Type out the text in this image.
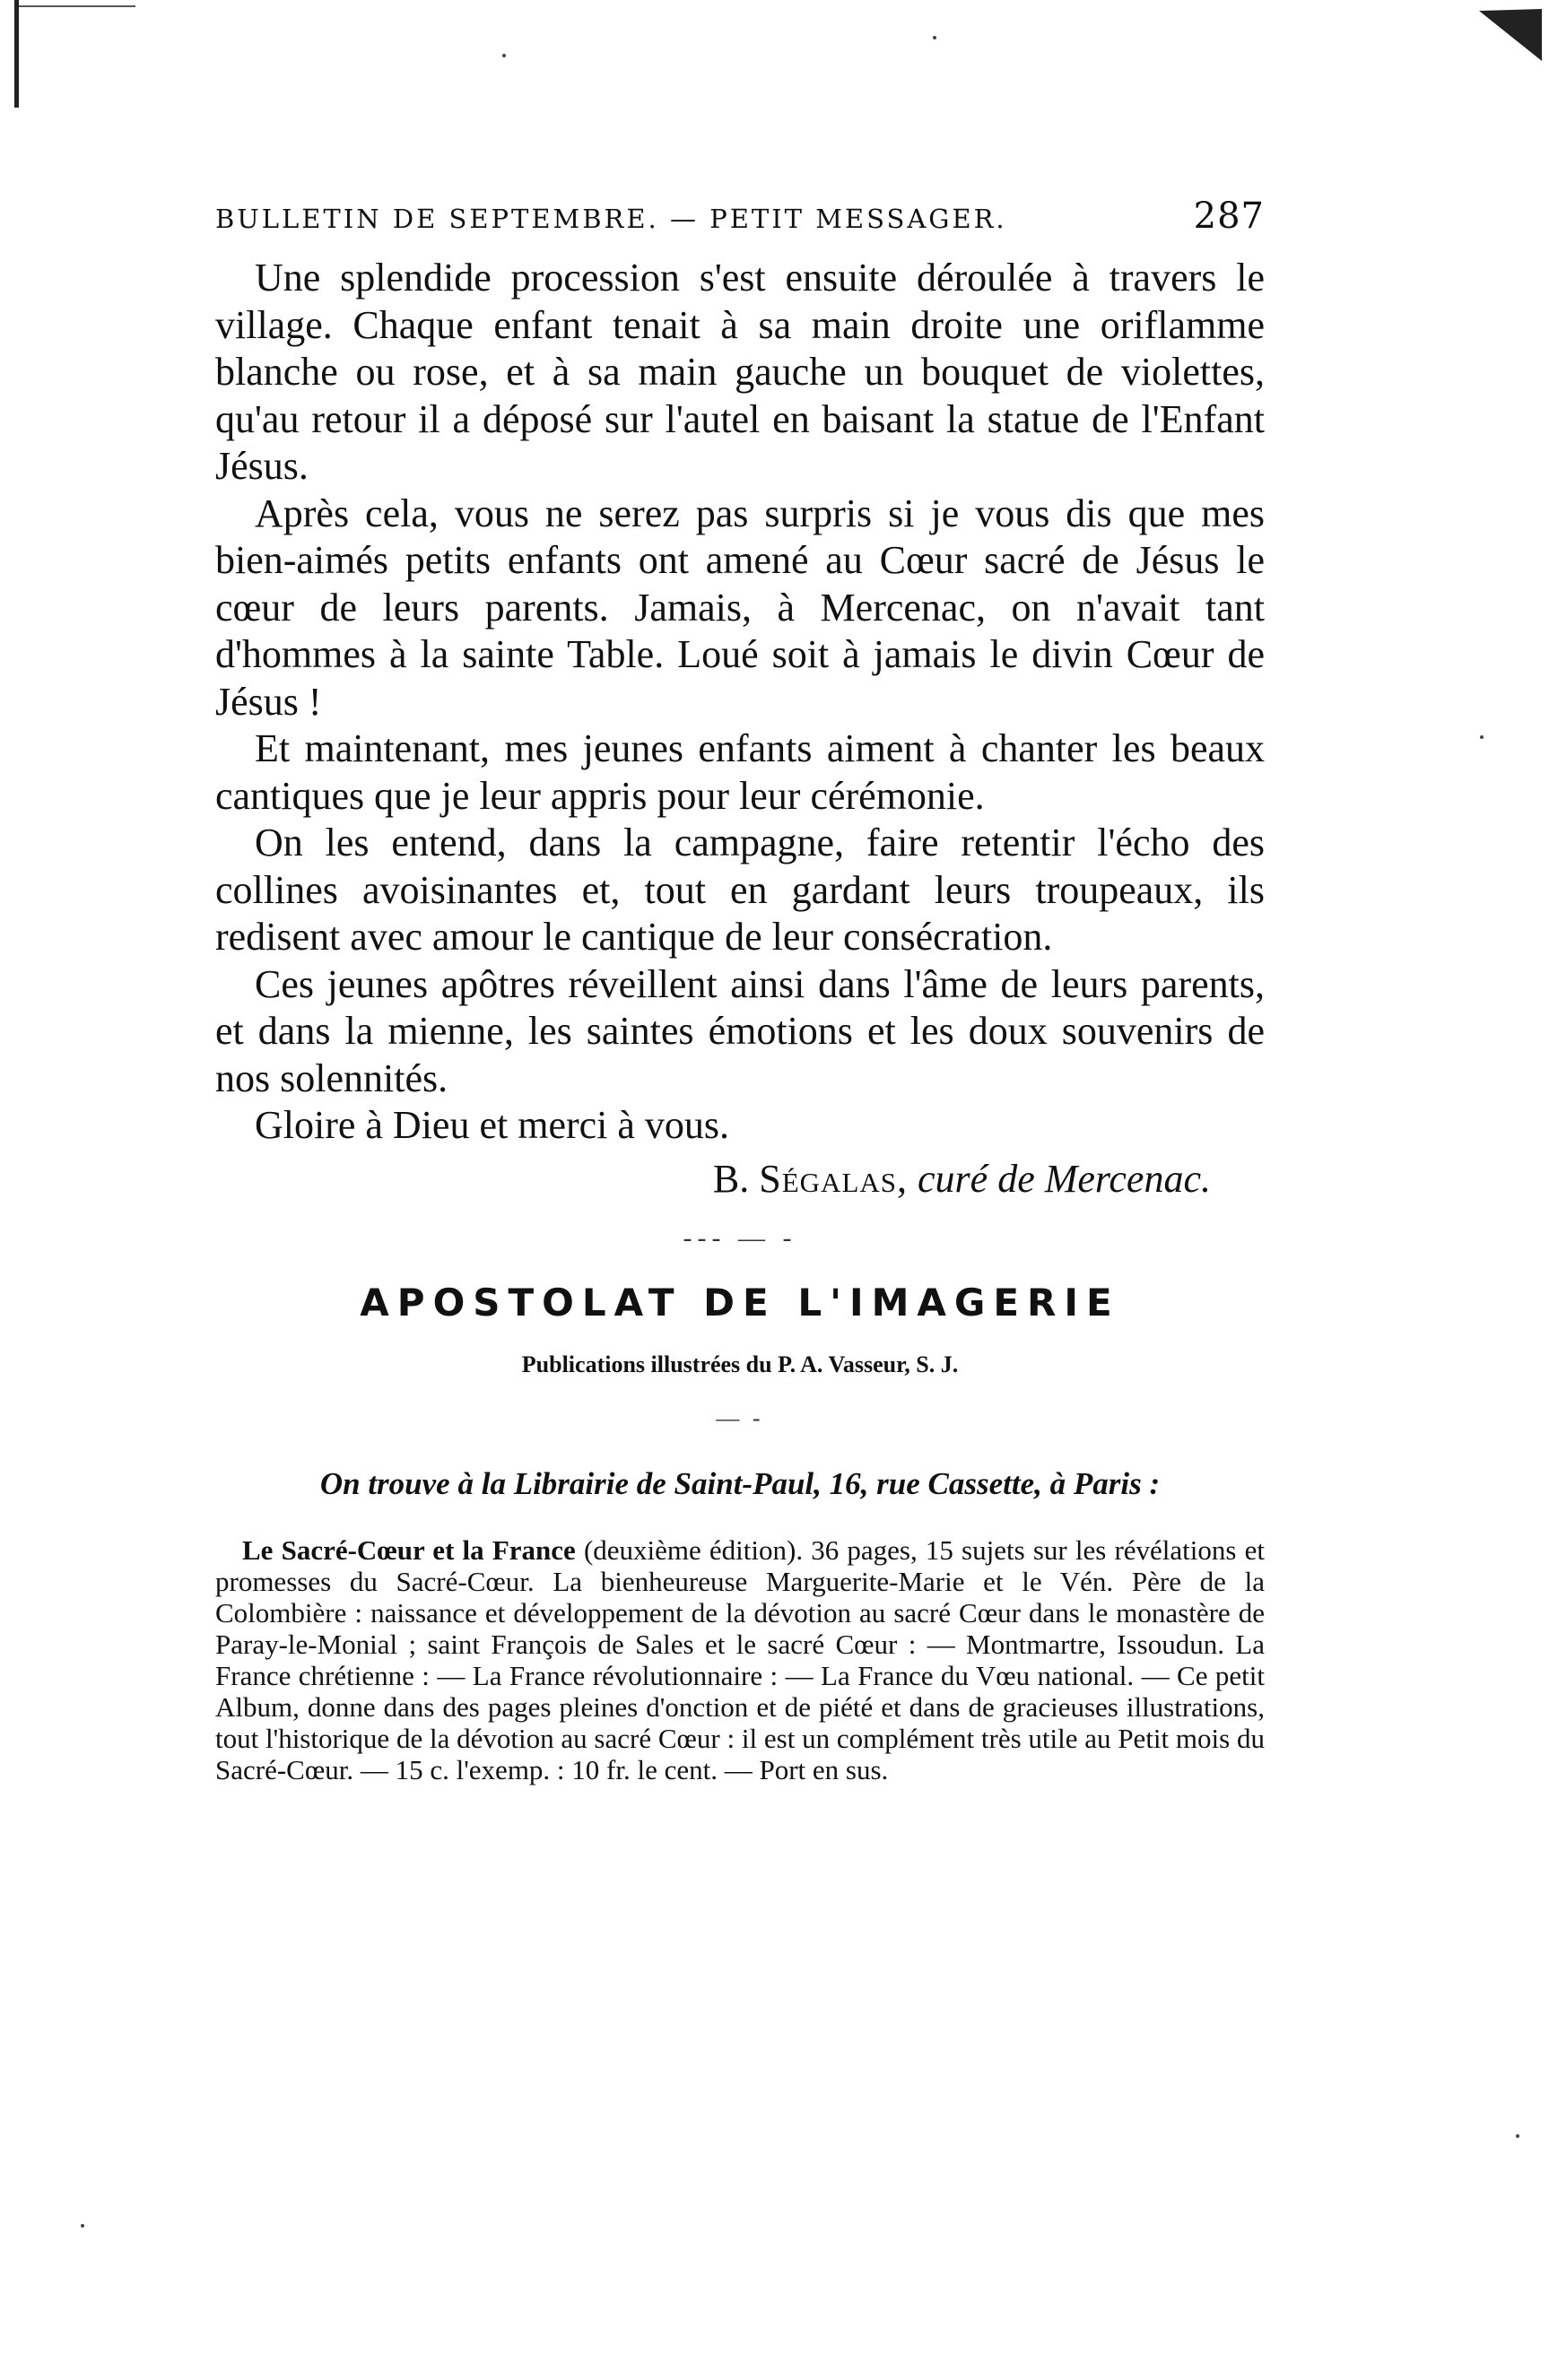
BULLETIN DE SEPTEMBRE. — PETIT MESSAGER.	287

Une splendide procession s'est ensuite déroulée à travers le village. Chaque enfant tenait à sa main droite une oriflamme blanche ou rose, et à sa main gauche un bouquet de violettes, qu'au retour il a déposé sur l'autel en baisant la statue de l'Enfant Jésus.

Après cela, vous ne serez pas surpris si je vous dis que mes bien-aimés petits enfants ont amené au Cœur sacré de Jésus le cœur de leurs parents. Jamais, à Mercenac, on n'avait tant d'hommes à la sainte Table. Loué soit à jamais le divin Cœur de Jésus !

Et maintenant, mes jeunes enfants aiment à chanter les beaux cantiques que je leur appris pour leur cérémonie.

On les entend, dans la campagne, faire retentir l'écho des collines avoisinantes et, tout en gardant leurs troupeaux, ils redisent avec amour le cantique de leur consécration.

Ces jeunes apôtres réveillent ainsi dans l'âme de leurs parents, et dans la mienne, les saintes émotions et les doux souvenirs de nos solennités.

Gloire à Dieu et merci à vous.

B. Ségalas, curé de Mercenac.
--- — -
APOSTOLAT DE L'IMAGERIE
Publications illustrées du P. A. Vasseur, S. J.
— -
On trouve à la Librairie de Saint-Paul, 16, rue Cassette, à Paris :

Le Sacré-Cœur et la France (deuxième édition). 36 pages, 15 sujets sur les révélations et promesses du Sacré-Cœur. La bienheureuse Marguerite-Marie et le Vén. Père de la Colombière : naissance et développement de la dévotion au sacré Cœur dans le monastère de Paray-le-Monial ; saint François de Sales et le sacré Cœur : — Montmartre, Issoudun. La France chrétienne : — La France révolutionnaire : — La France du Vœu national. — Ce petit Album, donne dans des pages pleines d'onction et de piété et dans de gracieuses illustrations, tout l'historique de la dévotion au sacré Cœur : il est un complément très utile au Petit mois du Sacré-Cœur. — 15 c. l'exemp. : 10 fr. le cent. — Port en sus.
